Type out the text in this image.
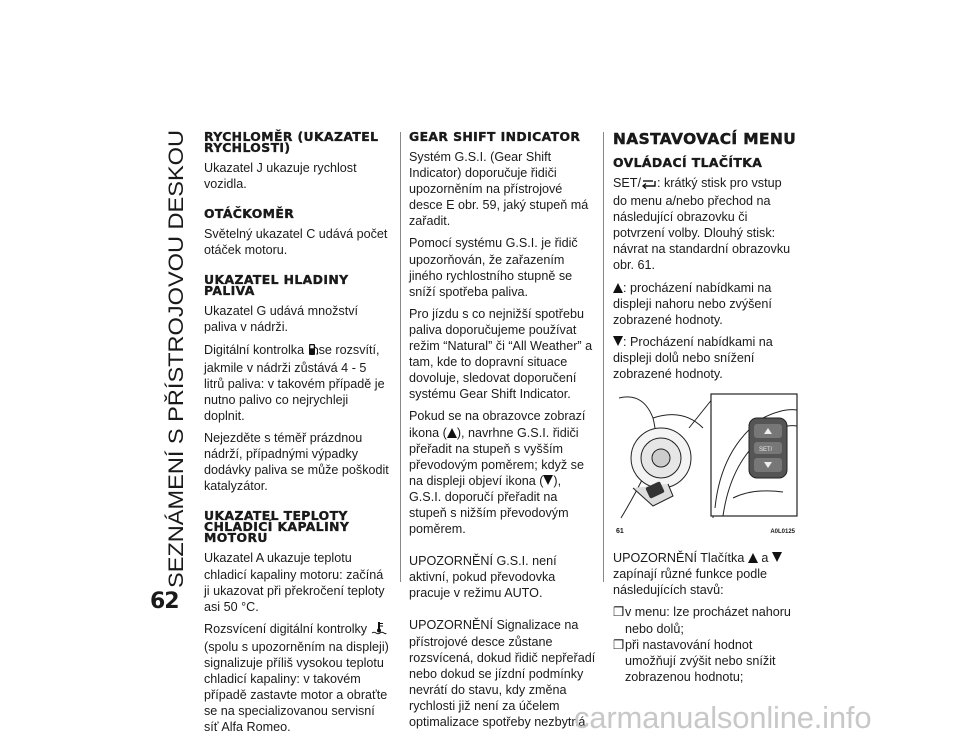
SEZNÁMENÍ S PŘÍSTROJOVOU DESKOU
62
RYCHLOMĚR (UKAZATEL RYCHLOSTI)

Ukazatel J ukazuje rychlost vozidla.

OTÁČKOMĚR

Světelný ukazatel C udává počet otáček motoru.

UKAZATEL HLADINY PALIVA

Ukazatel G udává množství paliva v nádrži.

Digitální kontrolka se rozsvítí, jakmile v nádrži zůstává 4 - 5 litrů paliva: v takovém případě je nutno palivo co nejrychleji doplnit.

Nejezděte s téměř prázdnou nádrží, případnými výpadky dodávky paliva se může poškodit katalyzátor.

UKAZATEL TEPLOTY CHLADICÍ KAPALINY MOTORU

Ukazatel A ukazuje teplotu chladicí kapaliny motoru: začíná ji ukazovat při překročení teploty asi 50 °C.

Rozsvícení digitální kontrolky (spolu s upozorněním na displeji) signalizuje příliš vysokou teplotu chladicí kapaliny: v takovém případě zastavte motor a obraťte se na specializovanou servisní síť Alfa Romeo.

GEAR SHIFT INDICATOR

Systém G.S.I. (Gear Shift Indicator) doporučuje řidiči upozorněním na přístrojové desce E obr. 59, jaký stupeň má zařadit.

Pomocí systému G.S.I. je řidič upozorňován, že zařazením jiného rychlostního stupně se sníží spotřeba paliva.

Pro jízdu s co nejnižší spotřebu paliva doporučujeme používat režim “Natural” či “All Weather” a tam, kde to dopravní situace dovoluje, sledovat doporučení systému Gear Shift Indicator.

Pokud se na obrazovce zobrazí ikona ( ), navrhne G.S.I. řidiči přeřadit na stupeň s vyšším převodovým poměrem; když se na displeji objeví ikona ( ), G.S.I. doporučí přeřadit na stupeň s nižším převodovým poměrem.

UPOZORNĚNÍ G.S.I. není aktivní, pokud převodovka pracuje v režimu AUTO.

UPOZORNĚNÍ Signalizace na přístrojové desce zůstane rozsvícená, dokud řidič nepřeřadí nebo dokud se jízdní podmínky nevrátí do stavu, kdy změna rychlosti již není za účelem optimalizace spotřeby nezbytná.

NASTAVOVACÍ MENU
OVLÁDACÍ TLAČÍTKA

SET/ : krátký stisk pro vstup do menu a/nebo přechod na následující obrazovku či potvrzení volby. Dlouhý stisk: návrat na standardní obrazovku obr. 61.

: procházení nabídkami na displeji nahoru nebo zvýšení zobrazené hodnoty.

: Procházení nabídkami na displeji dolů nebo snížení zobrazené hodnoty.

SET/
61	A0L0125

UPOZORNĚNÍ Tlačítka a  zapínají různé funkce podle následujících stavů:

❒ v menu: lze procházet nahoru nebo dolů;
❒ při nastavování hodnot umožňují zvýšit nebo snížit zobrazenou hodnotu;
carmanualsonline.info
